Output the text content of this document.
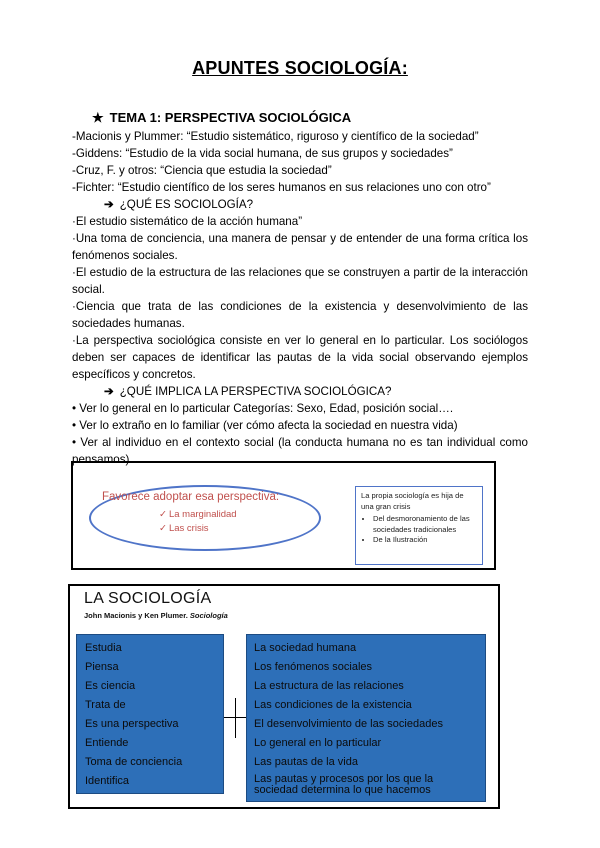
APUNTES SOCIOLOGÍA:
★ TEMA 1: PERSPECTIVA SOCIOLÓGICA

-Macionis y Plummer: “Estudio sistemático, riguroso y científico de la sociedad”

-Giddens: “Estudio de la vida social humana, de sus grupos y sociedades”

-Cruz, F. y otros: “Ciencia que estudia la sociedad”

-Fichter: “Estudio científico de los seres humanos en sus relaciones uno con otro”

➔ ¿QUÉ ES SOCIOLOGÍA?

·El estudio sistemático de la acción humana”

·Una toma de conciencia, una manera de pensar y de entender de una forma crítica los fenómenos sociales.

·El estudio de la estructura de las relaciones que se construyen a partir de la interacción social.

·Ciencia que trata de las condiciones de la existencia y desenvolvimiento de las sociedades humanas.

·La perspectiva sociológica consiste en ver lo general en lo particular. Los sociólogos deben ser capaces de identificar las pautas de la vida social observando ejemplos específicos y concretos.

➔ ¿QUÉ IMPLICA LA PERSPECTIVA SOCIOLÓGICA?

• Ver lo general en lo particular Categorías: Sexo, Edad, posición social….

• Ver lo extraño en lo familiar (ver cómo afecta la sociedad en nuestra vida)

• Ver al individuo en el contexto social (la conducta humana no es tan individual como pensamos)

Favorece adoptar esa perspectiva:
✓ La marginalidad
✓ Las crisis
La propia sociología es hija de una gran crisis
• Del desmoronamiento de las sociedades tradicionales
• De la Ilustración
LA SOCIOLOGÍA
John Macionis y Ken Plumer. Sociología
Estudia
Piensa
Es ciencia
Trata de
Es una perspectiva
Entiende
Toma de conciencia
Identifica
La sociedad humana
Los fenómenos sociales
La estructura de las relaciones
Las condiciones de la existencia
El desenvolvimiento de las sociedades
Lo general en lo particular
Las pautas de la vida
Las pautas y procesos por los que la sociedad determina lo que hacemos
